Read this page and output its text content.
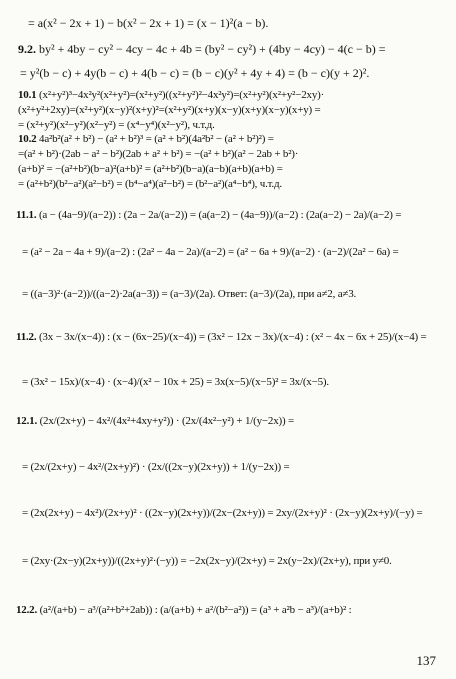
= a(x² − 2x + 1) − b(x² − 2x + 1) = (x − 1)²(a − b).
9.2. by² + 4by − cy² − 4cy − 4c + 4b = (by² − cy²) + (4by − 4cy) − 4(c − b) =
= y²(b − c) + 4y(b − c) + 4(b − c) = (b − c)(y² + 4y + 4) = (b − c)(y + 2)².
10.1 (x²+y²)³−4x²y²(x²+y²)=(x²+y²)((x²+y²)²−4x²y²)=(x²+y²)(x²+y²−2xy)·
(x²+y²+2xy)=(x²+y²)(x−y)²(x+y)²=(x²+y²)(x+y)(x−y)(x+y)(x−y)(x+y) =
= (x²+y²)(x²−y²)(x²−y²) = (x⁴−y⁴)(x²−y²), ч.т.д.
10.2 4a²b²(a² + b²) − (a² + b²)³ = (a² + b²)(4a²b² − (a² + b²)²) =
=(a² + b²)·(2ab − a² − b²)(2ab + a² + b²) = −(a² + b²)(a² − 2ab + b²)·
(a+b)² = −(a²+b²)(b−a)²(a+b)² = (a²+b²)(b−a)(a−b)(a+b)(a+b) =
= (a²+b²)(b²−a²)(a²−b²) = (b⁴−a⁴)(a²−b²) = (b²−a²)(a⁴−b⁴), ч.т.д.
11.1. (a − (4a−9)/(a−2)) : (2a − 2a/(a−2)) = (a(a−2) − (4a−9))/(a−2) : (2a(a−2) − 2a)/(a−2) =
= (a² − 2a − 4a + 9)/(a−2) : (2a² − 4a − 2a)/(a−2) = (a² − 6a + 9)/(a−2) · (a−2)/(2a² − 6a) =
= ((a−3)²·(a−2))/((a−2)·2a(a−3)) = (a−3)/(2a). Ответ: (a−3)/(2a), при a≠2, a≠3.
11.2. (3x − 3x/(x−4)) : (x − (6x−25)/(x−4)) = (3x² − 12x − 3x)/(x−4) : (x² − 4x − 6x + 25)/(x−4) =
= (3x² − 15x)/(x−4) · (x−4)/(x² − 10x + 25) = 3x(x−5)/(x−5)² = 3x/(x−5).
12.1. (2x/(2x+y) − 4x²/(4x²+4xy+y²)) · (2x/(4x²−y²) + 1/(y−2x)) =
= (2x/(2x+y) − 4x²/(2x+y)²) · (2x/((2x−y)(2x+y)) + 1/(y−2x)) =
= (2x(2x+y) − 4x²)/(2x+y)² · ((2x−y)(2x+y))/(2x−(2x+y)) = 2xy/(2x+y)² · (2x−y)(2x+y)/(−y) =
= (2xy·(2x−y)(2x+y))/((2x+y)²·(−y)) = −2x(2x−y)/(2x+y) = 2x(y−2x)/(2x+y), при y≠0.
12.2. (a²/(a+b) − a³/(a²+b²+2ab)) : (a/(a+b) + a²/(b²−a²)) = (a³ + a²b − a³)/(a+b)² :
137
